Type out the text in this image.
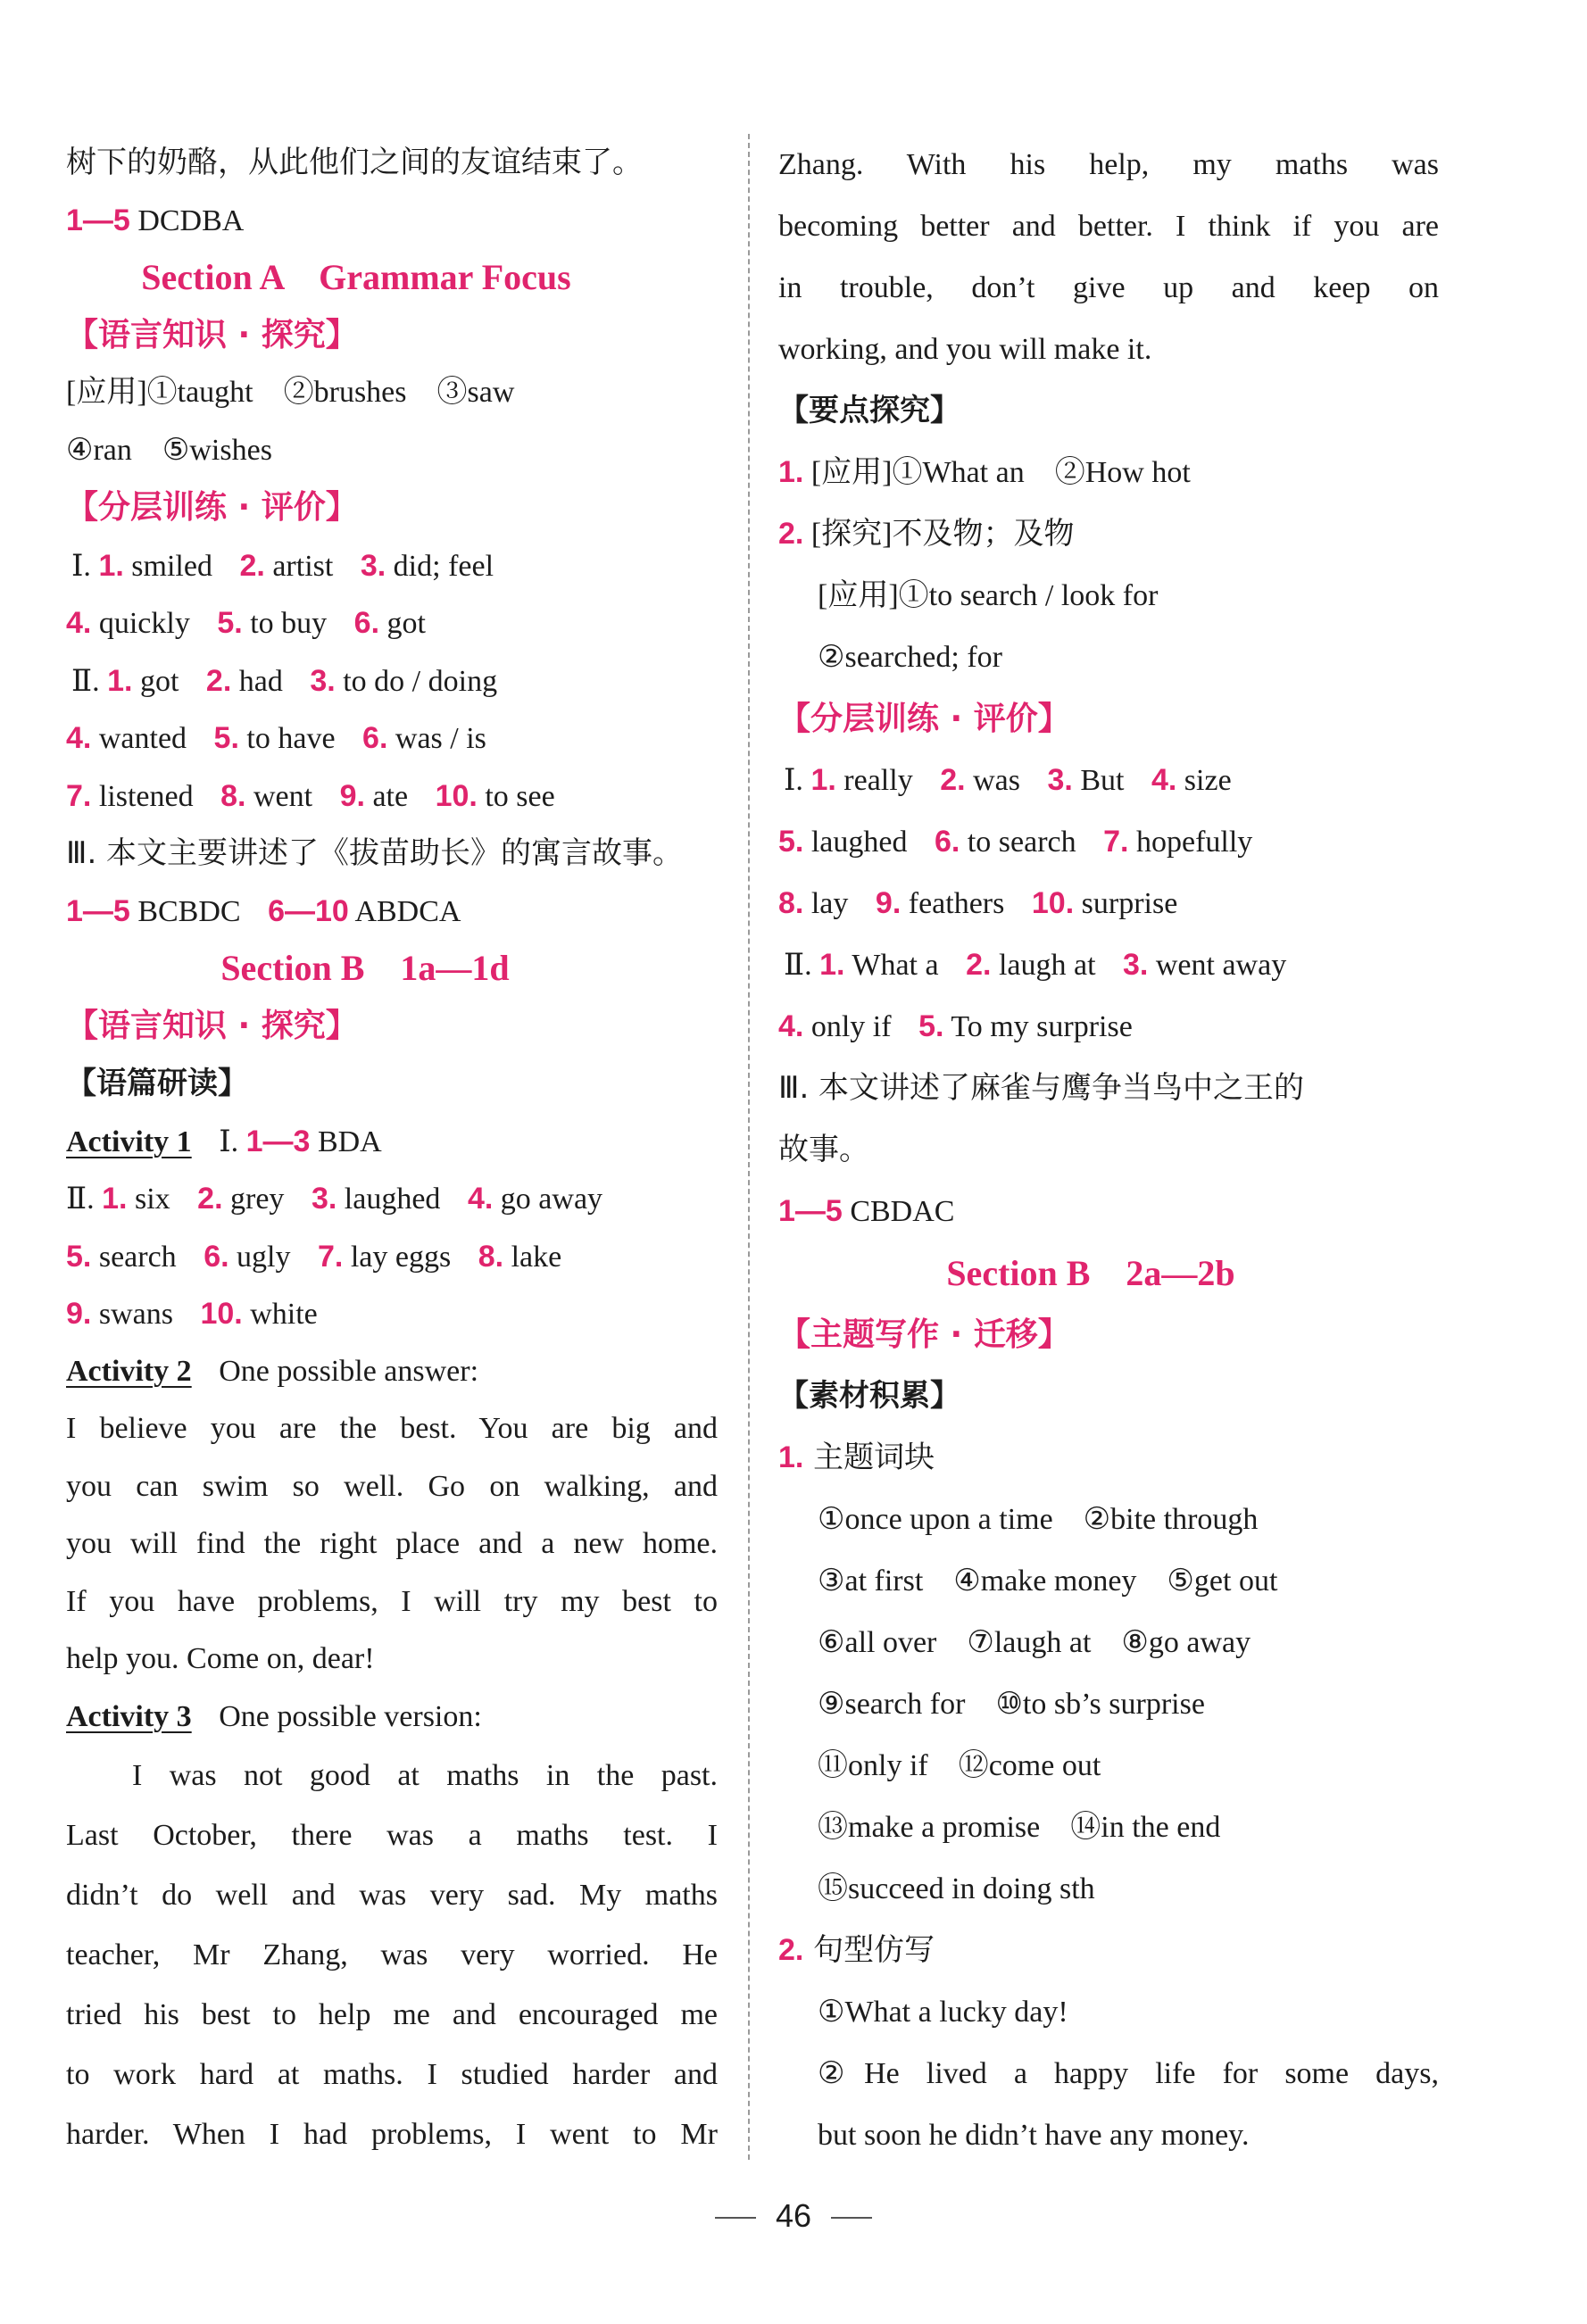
树下的奶酪，从此他们之间的友谊结束了。
1—5 DCDBA
Section A　Grammar Focus
【语言知识 · 探究】
[应用]①taught　②brushes　③saw
④ran　⑤wishes
【分层训练 · 评价】
Ⅰ. 1. smiled 2. artist 3. did; feel
4. quickly 5. to buy 6. got
Ⅱ. 1. got 2. had 3. to do / doing
4. wanted 5. to have 6. was / is
7. listened 8. went 9. ate 10. to see
Ⅲ. 本文主要讲述了《拔苗助长》的寓言故事。
1—5 BCBDC 6—10 ABDCA
Section B　1a—1d
【语言知识 · 探究】
【语篇研读】
Activity 1 Ⅰ. 1—3 BDA
Ⅱ. 1. six 2. grey 3. laughed 4. go away
5. search 6. ugly 7. lay eggs 8. lake
9. swans 10. white
Activity 2 One possible answer:
I believe you are the best. You are big and
you can swim so well. Go on walking, and
you will find the right place and a new home.
If you have problems, I will try my best to
help you. Come on, dear!
Activity 3 One possible version:
I was not good at maths in the past.
Last October, there was a maths test. I
didn’t do well and was very sad. My maths
teacher, Mr Zhang, was very worried. He
tried his best to help me and encouraged me
to work hard at maths. I studied harder and
harder. When I had problems, I went to Mr
Zhang. With his help, my maths was
becoming better and better. I think if you are
in trouble, don’t give up and keep on
working, and you will make it.
【要点探究】
1. [应用]①What an　②How hot
2. [探究]不及物；及物
[应用]①to search / look for
②searched; for
【分层训练 · 评价】
Ⅰ. 1. really 2. was 3. But 4. size
5. laughed 6. to search 7. hopefully
8. lay 9. feathers 10. surprise
Ⅱ. 1. What a 2. laugh at 3. went away
4. only if 5. To my surprise
Ⅲ. 本文讲述了麻雀与鹰争当鸟中之王的
故事。
1—5 CBDAC
Section B　2a—2b
【主题写作 · 迁移】
【素材积累】
1. 主题词块
①once upon a time　②bite through
③at first　④make money　⑤get out
⑥all over　⑦laugh at　⑧go away
⑨search for　⑩to sb’s surprise
⑪only if　⑫come out
⑬make a promise　⑭in the end
⑮succeed in doing sth
2. 句型仿写
①What a lucky day!
②He lived a happy life for some days,
but soon he didn’t have any money.
46
